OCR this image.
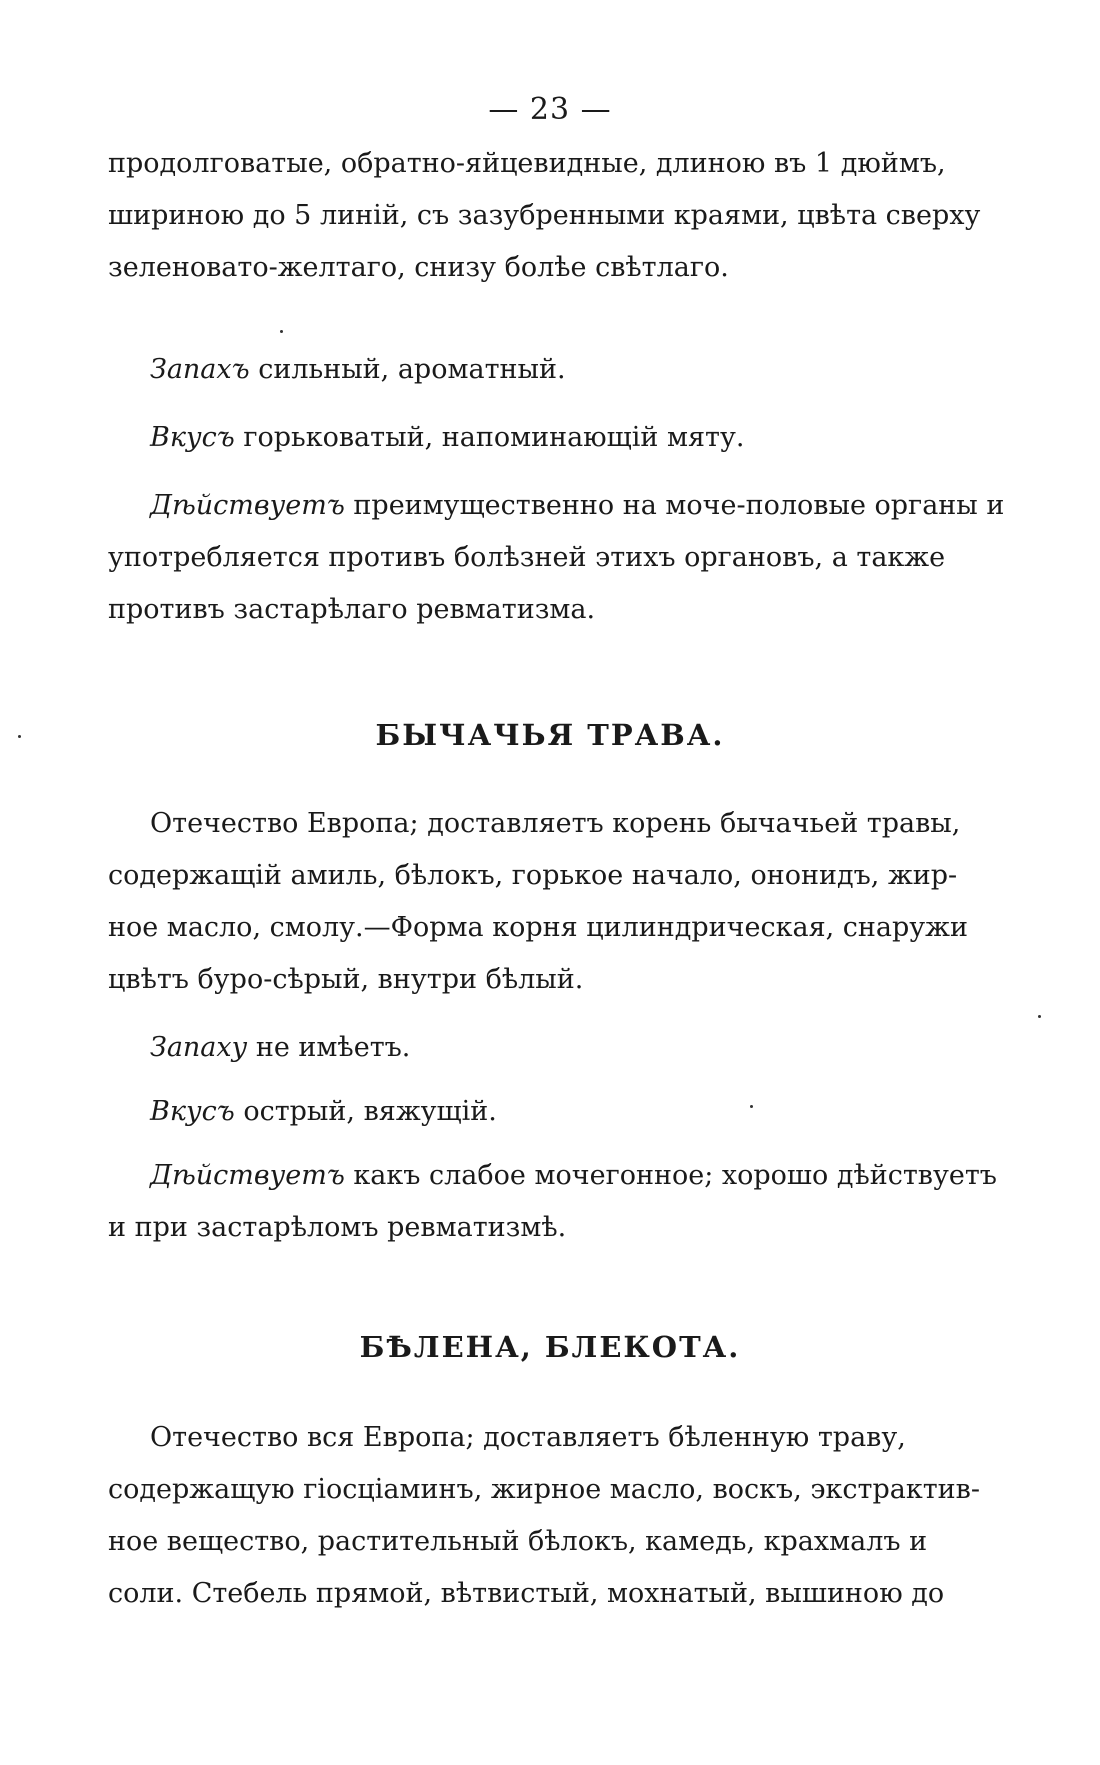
— 23 —
продолговатые, обратно-яйцевидные, длиною въ 1 дюймъ,
шириною до 5 линій, съ зазубренными краями, цвѣта сверху
зеленовато-желтаго, снизу болѣе свѣтлаго.
Запахъ сильный, ароматный.
Вкусъ горьковатый, напоминающій мяту.
Дѣйствуетъ преимущественно на моче-половые органы и
употребляется противъ болѣзней этихъ органовъ, а также
противъ застарѣлаго ревматизма.
БЫЧАЧЬЯ ТРАВА.
Отечество Европа; доставляетъ корень бычачьей травы,
содержащій амиль, бѣлокъ, горькое начало, ононидъ, жир-
ное масло, смолу.—Форма корня цилиндрическая, снаружи
цвѣтъ буро-сѣрый, внутри бѣлый.
Запаху не имѣетъ.
Вкусъ острый, вяжущій.
Дѣйствуетъ какъ слабое мочегонное; хорошо дѣйствуетъ
и при застарѣломъ ревматизмѣ.
БѢЛЕНА, БЛЕКОТА.
Отечество вся Европа; доставляетъ бѣленную траву,
содержащую гіосціаминъ, жирное масло, воскъ, экстрактив-
ное вещество, растительный бѣлокъ, камедь, крахмалъ и
соли. Стебель прямой, вѣтвистый, мохнатый, вышиною до
